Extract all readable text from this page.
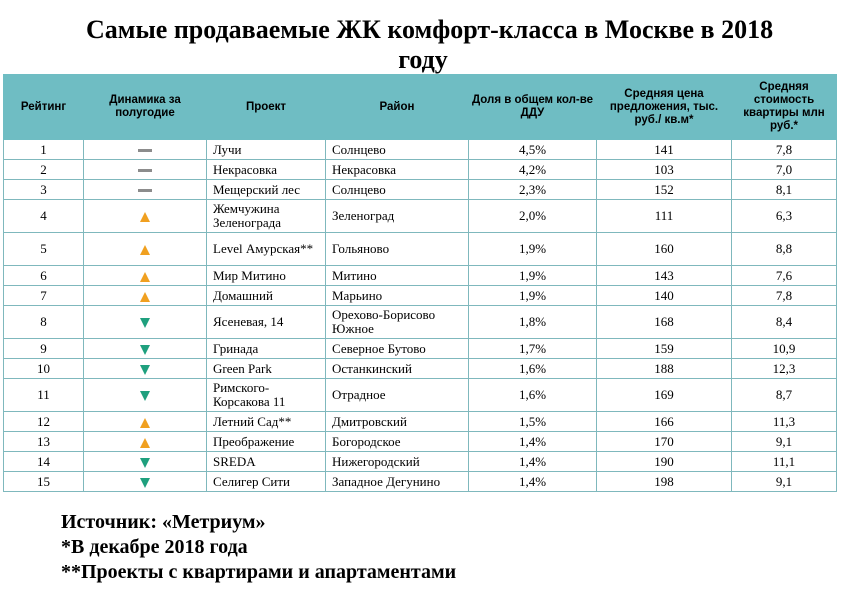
Самые продаваемые ЖК комфорт-класса в Москве в 2018
году
Рейтинг	Динамика за полугодие	Проект	Район	Доля в общем кол-ве ДДУ	Средняя цена предложения, тыс. руб./ кв.м*	Средняя стоимость квартиры млн руб.*
1		Лучи	Солнцево	4,5%	141	7,8
2		Некрасовка	Некрасовка	4,2%	103	7,0
3		Мещерский лес	Солнцево	2,3%	152	8,1
4		Жемчужина Зеленограда	Зеленоград	2,0%	111	6,3
5		Level Амурская**	Гольяново	1,9%	160	8,8
6		Мир Митино	Митино	1,9%	143	7,6
7		Домашний	Марьино	1,9%	140	7,8
8		Ясеневая, 14	Орехово-Борисово Южное	1,8%	168	8,4
9		Гринада	Северное Бутово	1,7%	159	10,9
10		Green Park	Останкинский	1,6%	188	12,3
11		Римского-Корсакова 11	Отрадное	1,6%	169	8,7
12		Летний Сад**	Дмитровский	1,5%	166	11,3
13		Преображение	Богородское	1,4%	170	9,1
14		SREDA	Нижегородский	1,4%	190	11,1
15		Селигер Сити	Западное Дегунино	1,4%	198	9,1
Источник: «Метриум»
*В декабре 2018 года
**Проекты с квартирами и апартаментами
